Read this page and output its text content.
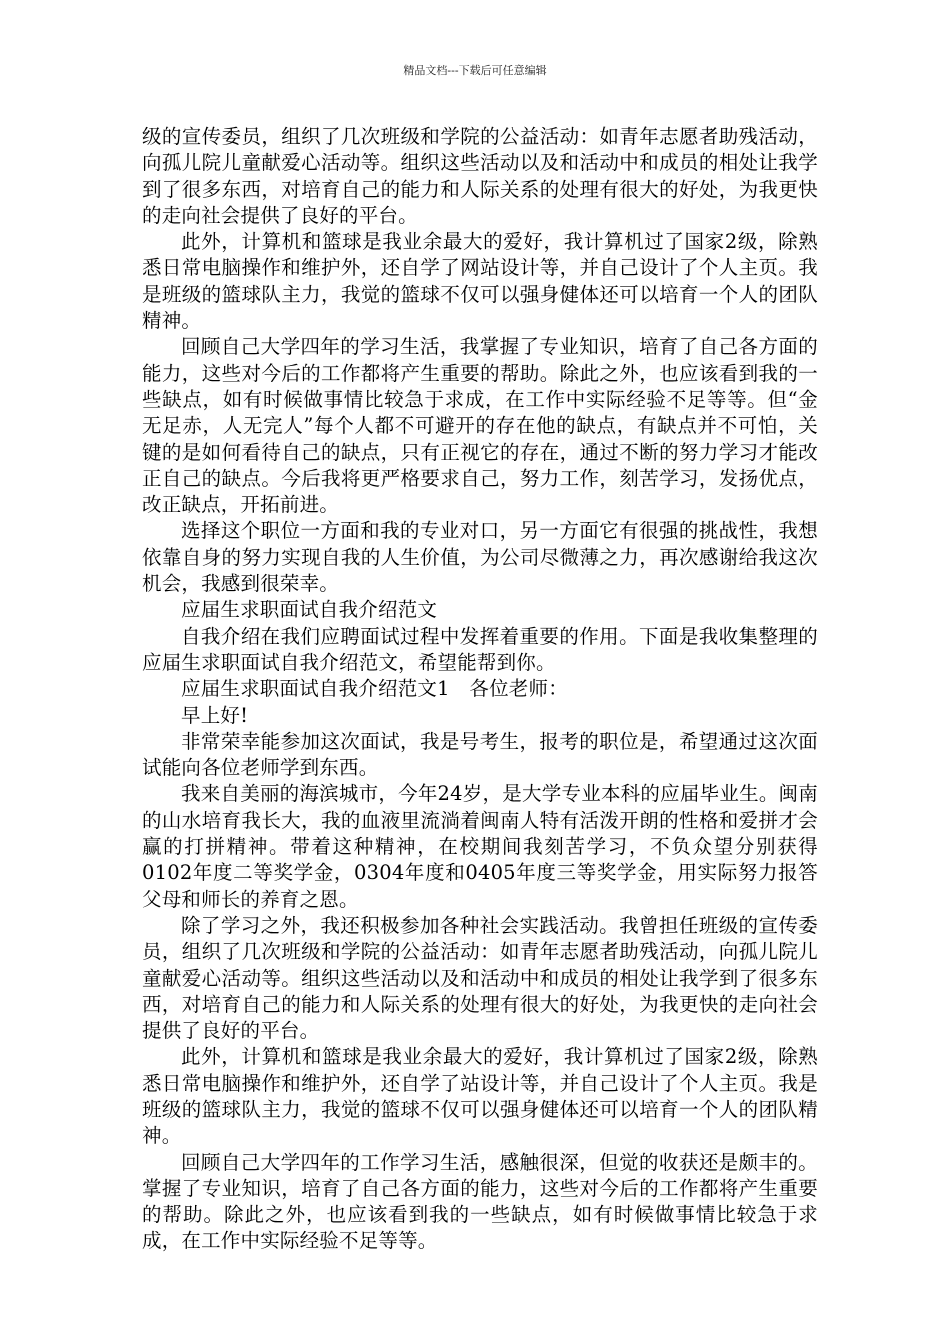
精品文档---下载后可任意编辑

级的宣传委员，组织了几次班级和学院的公益活动：如青年志愿者助残活动，向孤儿院儿童献爱心活动等。组织这些活动以及和活动中和成员的相处让我学到了很多东西，对培育自己的能力和人际关系的处理有很大的好处，为我更快的走向社会提供了良好的平台。

此外，计算机和篮球是我业余最大的爱好，我计算机过了国家2级，除熟悉日常电脑操作和维护外，还自学了网站设计等，并自己设计了个人主页。我是班级的篮球队主力，我觉的篮球不仅可以强身健体还可以培育一个人的团队精神。

回顾自己大学四年的学习生活，我掌握了专业知识，培育了自己各方面的能力，这些对今后的工作都将产生重要的帮助。除此之外，也应该看到我的一些缺点，如有时候做事情比较急于求成，在工作中实际经验不足等等。但“金无足赤，人无完人”每个人都不可避开的存在他的缺点，有缺点并不可怕，关键的是如何看待自己的缺点，只有正视它的存在，通过不断的努力学习才能改正自己的缺点。今后我将更严格要求自己，努力工作，刻苦学习，发扬优点，改正缺点，开拓前进。

选择这个职位一方面和我的专业对口，另一方面它有很强的挑战性，我想依靠自身的努力实现自我的人生价值，为公司尽微薄之力，再次感谢给我这次机会，我感到很荣幸。

应届生求职面试自我介绍范文

自我介绍在我们应聘面试过程中发挥着重要的作用。下面是我收集整理的应届生求职面试自我介绍范文，希望能帮到你。

应届生求职面试自我介绍范文1　各位老师：

早上好!

非常荣幸能参加这次面试，我是号考生，报考的职位是，希望通过这次面试能向各位老师学到东西。

我来自美丽的海滨城市，今年24岁，是大学专业本科的应届毕业生。闽南的山水培育我长大，我的血液里流淌着闽南人特有活泼开朗的性格和爱拼才会赢的打拼精神。带着这种精神，在校期间我刻苦学习，不负众望分别获得0102年度二等奖学金，0304年度和0405年度三等奖学金，用实际努力报答父母和师长的养育之恩。

除了学习之外，我还积极参加各种社会实践活动。我曾担任班级的宣传委员，组织了几次班级和学院的公益活动：如青年志愿者助残活动，向孤儿院儿童献爱心活动等。组织这些活动以及和活动中和成员的相处让我学到了很多东西，对培育自己的能力和人际关系的处理有很大的好处，为我更快的走向社会提供了良好的平台。

此外，计算机和篮球是我业余最大的爱好，我计算机过了国家2级，除熟悉日常电脑操作和维护外，还自学了站设计等，并自己设计了个人主页。我是班级的篮球队主力，我觉的篮球不仅可以强身健体还可以培育一个人的团队精神。

回顾自己大学四年的工作学习生活，感触很深，但觉的收获还是颇丰的。掌握了专业知识，培育了自己各方面的能力，这些对今后的工作都将产生重要的帮助。除此之外，也应该看到我的一些缺点，如有时候做事情比较急于求成，在工作中实际经验不足等等。
